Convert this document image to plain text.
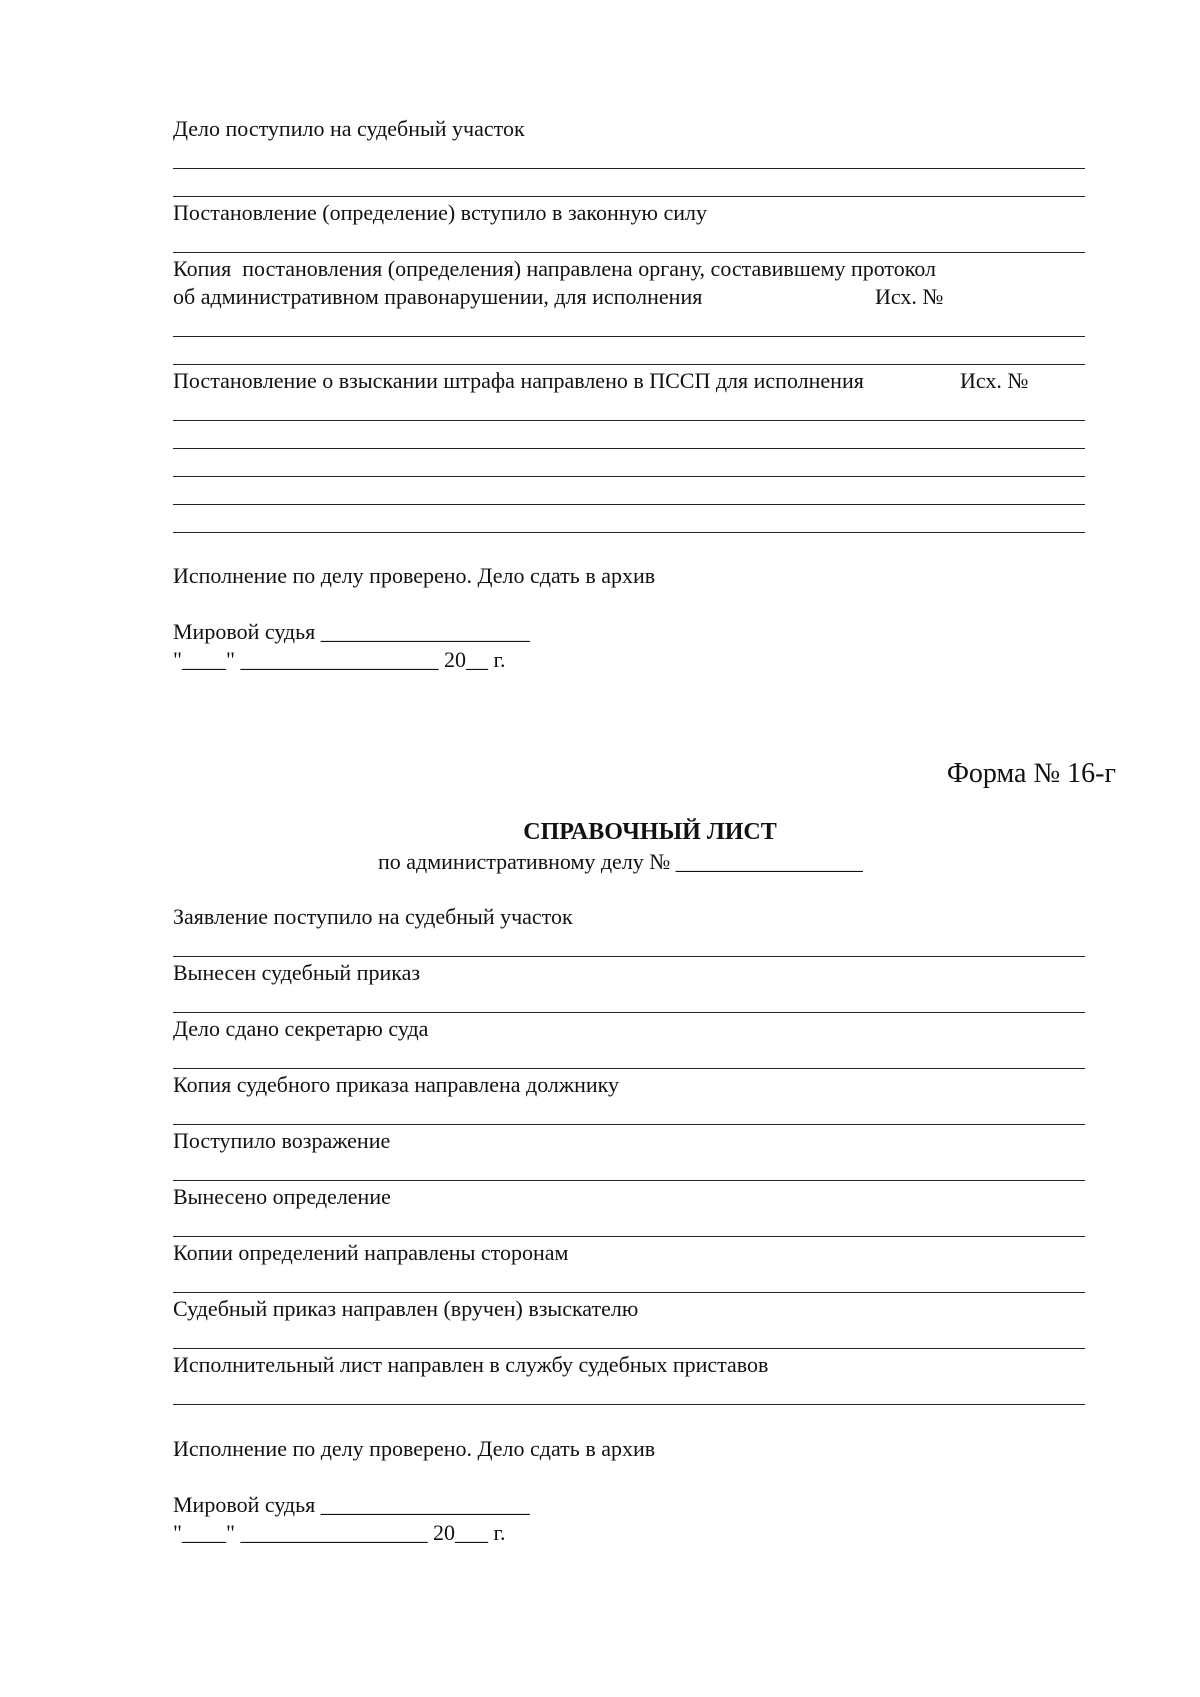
Дело поступило на судебный участок
Постановление (определение) вступило в законную силу
Копия  постановления (определения) направлена органу, составившему протокол
об административном правонарушении, для исполнения	Исх. №
Постановление о взыскании штрафа направлено в ПССП для исполнения	Исх. №
Исполнение по делу проверено. Дело сдать в архив
Мировой судья ___________________
"____" __________________ 20__ г.
Форма № 16-г
СПРАВОЧНЫЙ ЛИСТ
по административному делу № _________________
Заявление поступило на судебный участок
Вынесен судебный приказ
Дело сдано секретарю суда
Копия судебного приказа направлена должнику
Поступило возражение
Вынесено определение
Копии определений направлены сторонам
Судебный приказ направлен (вручен) взыскателю
Исполнительный лист направлен в службу судебных приставов
Исполнение по делу проверено. Дело сдать в архив
Мировой судья ___________________
"____" _________________ 20___ г.
